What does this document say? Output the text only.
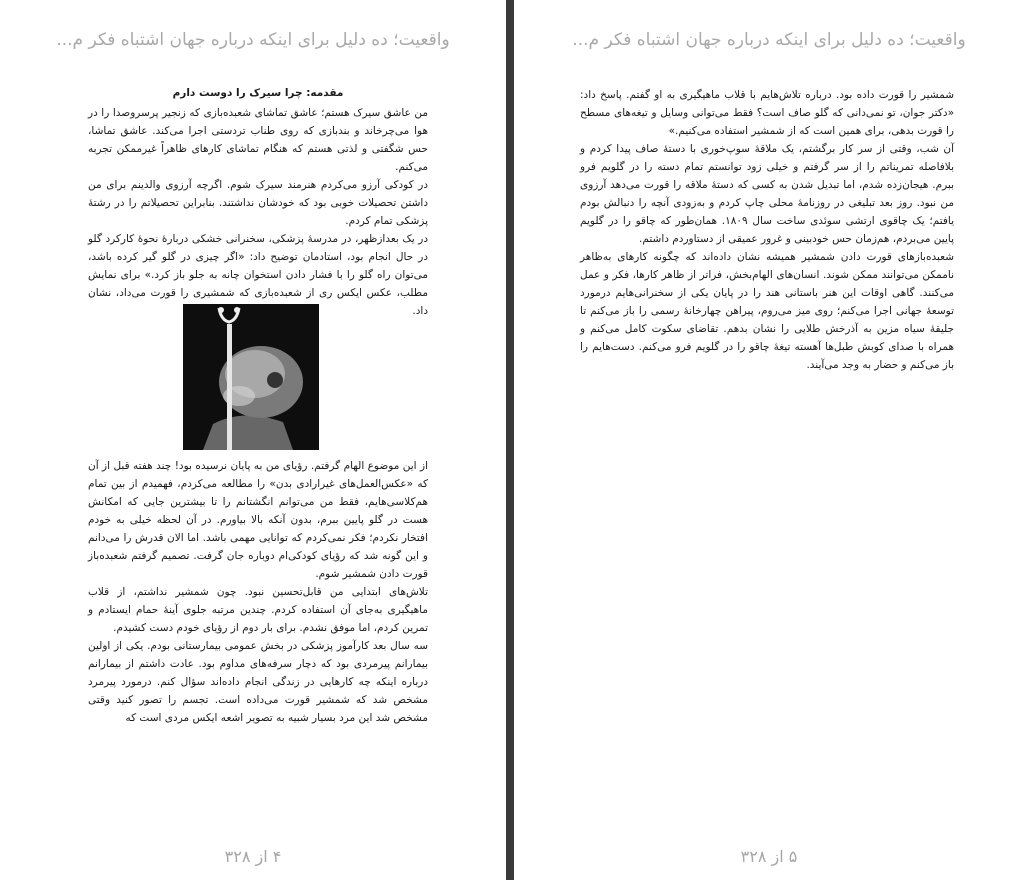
واقعیت؛ ده دلیل برای اینکه درباره جهان اشتباه فکر م...

مقدمه: چرا سیرک را دوست دارم

من عاشق سیرک هستم؛ عاشق تماشای شعبده‌بازی که زنجیر پرسروصدا را در هوا می‌چرخاند و بندبازی که روی طناب تردستی اجرا می‌کند. عاشق تماشا، حس شگفتی و لذتی هستم که هنگام تماشای کارهای ظاهراً غیرممکن تجربه می‌کنم.

در کودکی آرزو می‌کردم هنرمند سیرک شوم. اگرچه آرزوی والدینم برای من داشتن تحصیلات خوبی بود که خودشان نداشتند. بنابراین تحصیلاتم را در رشتهٔ پزشکی تمام کردم.

در یک بعدازظهر، در مدرسهٔ پزشکی، سخنرانی خشکی دربارهٔ نحوهٔ کارکرد گلو در حال انجام بود، استادمان توضیح داد: «اگر چیزی در گلو گیر کرده باشد، می‌توان راه گلو را با فشار دادن استخوان چانه به جلو باز کرد.» برای نمایش مطلب، عکس ایکس ری از شعبده‌بازی که شمشیری را قورت می‌داد، نشان داد.

از این موضوع الهام گرفتم. رؤیای من به پایان نرسیده بود! چند هفته قبل از آن که «عکس‌العمل‌های غیرارادی بدن» را مطالعه می‌کردم، فهمیدم از بین تمام هم‌کلاسی‌هایم، فقط من می‌توانم انگشتانم را تا بیشترین جایی که امکانش هست در گلو پایین ببرم، بدون آنکه بالا بیاورم. در آن لحظه خیلی به خودم افتخار نکردم؛ فکر نمی‌کردم که توانایی مهمی باشد. اما الان قدرش را می‌دانم و این گونه شد که رؤیای کودکی‌ام دوباره جان گرفت. تصمیم گرفتم شعبده‌باز قورت دادن شمشیر شوم.

تلاش‌های ابتدایی من قابل‌تحسین نبود. چون شمشیر نداشتم، از قلاب ماهیگیری به‌جای آن استفاده کردم. چندین مرتبه جلوی آینهٔ حمام ایستادم و تمرین کردم، اما موفق نشدم. برای بار دوم از رؤیای خودم دست کشیدم.

سه سال بعد کارآموز پزشکی در بخش عمومی بیمارستانی بودم. یکی از اولین بیمارانم پیرمردی بود که دچار سرفه‌های مداوم بود. عادت داشتم از بیمارانم درباره اینکه چه کارهایی در زندگی انجام داده‌اند سؤال کنم. درمورد پیرمرد مشخص شد که شمشیر قورت می‌داده است. تجسم را تصور کنید وقتی مشخص شد این مرد بسیار شبیه به تصویر اشعه ایکس مردی است که

۴ از ۳۲۸
واقعیت؛ ده دلیل برای اینکه درباره جهان اشتباه فکر م...

شمشیر را قورت داده بود. درباره تلاش‌هایم با قلاب ماهیگیری به او گفتم. پاسخ داد: «دکتر جوان، تو نمی‌دانی که گلو صاف است؟ فقط می‌توانی وسایل و تیغه‌های مسطح را قورت بدهی، برای همین است که از شمشیر استفاده می‌کنیم.»

آن شب، وقتی از سر کار برگشتم، یک ملاقهٔ سوپ‌خوری با دستهٔ صاف پیدا کردم و بلافاصله تمریناتم را از سر گرفتم و خیلی زود توانستم تمام دسته را در گلویم فرو ببرم. هیجان‌زده شدم، اما تبدیل شدن به کسی که دستهٔ ملاقه را قورت می‌دهد آرزوی من نبود. روز بعد تبلیغی در روزنامهٔ محلی چاپ کردم و به‌زودی آنچه را دنبالش بودم یافتم؛ یک چاقوی ارتشی سوئدی ساخت سال ۱۸۰۹. همان‌طور که چاقو را در گلویم پایین می‌بردم، هم‌زمان حس خودبینی و غرور عمیقی از دستاوردم داشتم.

شعبده‌بازهای قورت دادن شمشیر همیشه نشان داده‌اند که چگونه کارهای به‌ظاهر ناممکن می‌توانند ممکن شوند. انسان‌های الهام‌بخش، فراتر از ظاهر کارها، فکر و عمل می‌کنند. گاهی اوقات این هنر باستانی هند را در پایان یکی از سخنرانی‌هایم درمورد توسعهٔ جهانی اجرا می‌کنم؛ روی میز می‌روم، پیراهن چهارخانهٔ رسمی را باز می‌کنم تا جلیقهٔ سیاه مزین به آذرخش طلایی را نشان بدهم. تقاضای سکوت کامل می‌کنم و همراه با صدای کوبش طبل‌ها آهسته تیغهٔ چاقو را در گلویم فرو می‌کنم. دست‌هایم را باز می‌کنم و حضار به وجد می‌آیند.

۵ از ۳۲۸
